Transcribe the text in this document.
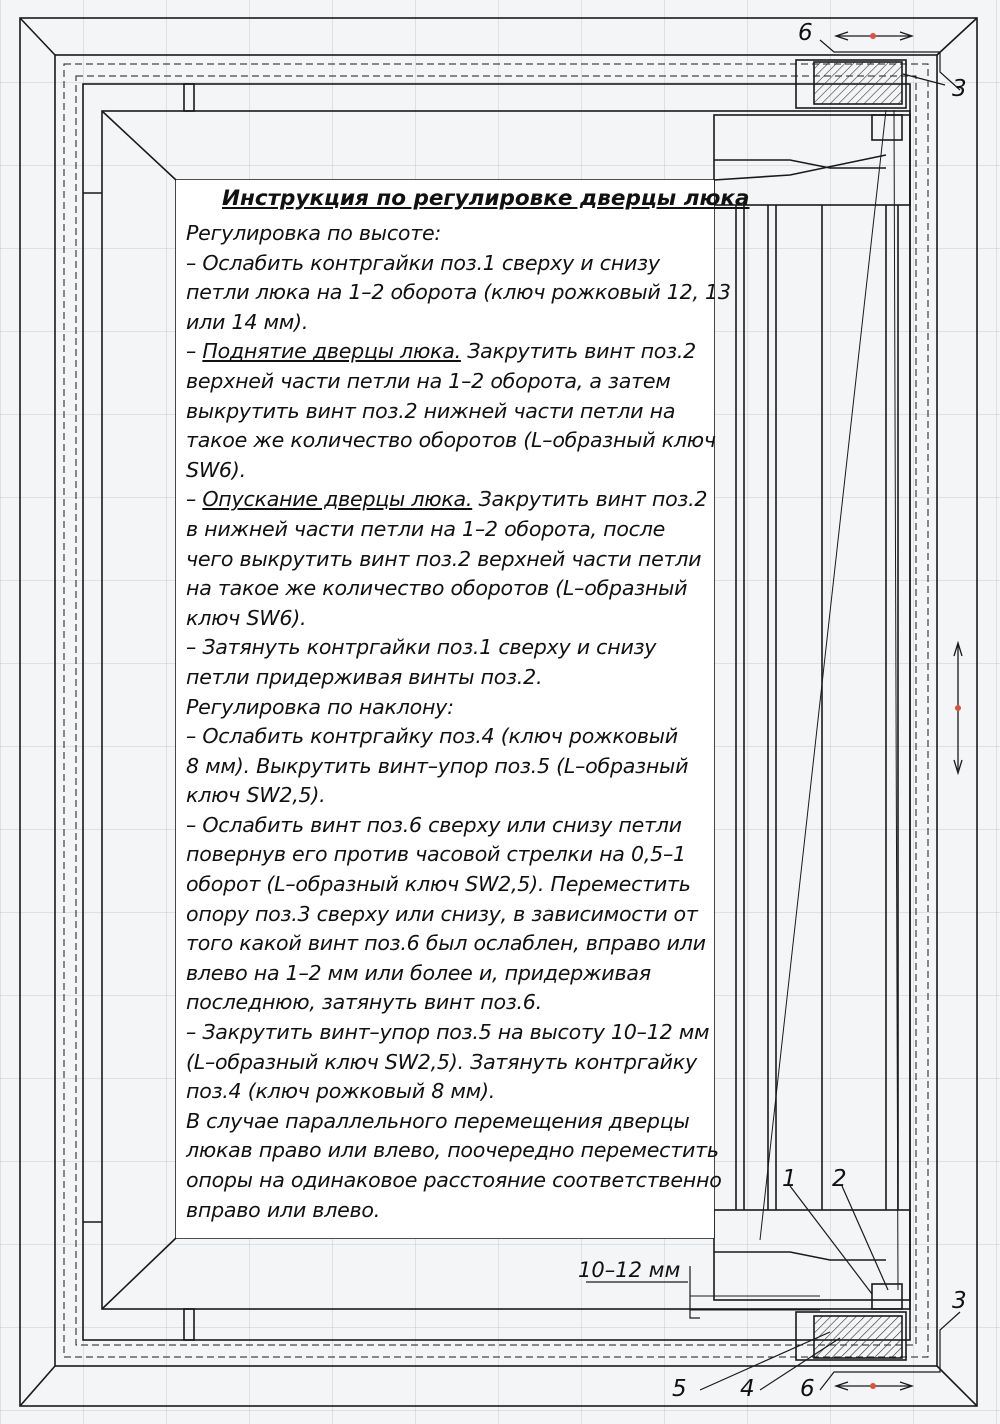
Инструкция по регулировке дверцы люка
Регулировка по высоте:
– Ослабить контргайки поз.1 сверху и снизу
петли люка на 1–2 оборота (ключ рожковый 12, 13
или 14 мм).
– Поднятие дверцы люка. Закрутить винт поз.2
верхней части петли на 1–2 оборота, а затем
выкрутить винт поз.2 нижней части петли на
такое же количество оборотов (L–образный ключ
SW6).
– Опускание дверцы люка. Закрутить винт поз.2
в нижней части петли на 1–2 оборота, после
чего выкрутить винт поз.2 верхней части петли
на такое же количество оборотов (L–образный
ключ SW6).
– Затянуть контргайки поз.1 сверху и снизу
петли придерживая винты поз.2.
Регулировка по наклону:
– Ослабить контргайку поз.4 (ключ рожковый
8 мм). Выкрутить винт–упор поз.5 (L–образный
ключ SW2,5).
– Ослабить винт поз.6 сверху или снизу петли
повернув его против часовой стрелки на 0,5–1
оборот (L–образный ключ SW2,5). Переместить
опору поз.3 сверху или снизу, в зависимости от
того какой винт поз.6 был ослаблен, вправо или
влево на 1–2 мм или более и, придерживая
последнюю, затянуть винт поз.6.
– Закрутить винт–упор поз.5 на высоту 10–12 мм
(L–образный ключ SW2,5). Затянуть контргайку
поз.4 (ключ рожковый 8 мм).
В случае параллельного перемещения дверцы
люкав право или влево, поочередно переместить
опоры на одинаковое расстояние соответственно
вправо или влево.
6
3
1 2
3
4
5	6
10–12 мм
